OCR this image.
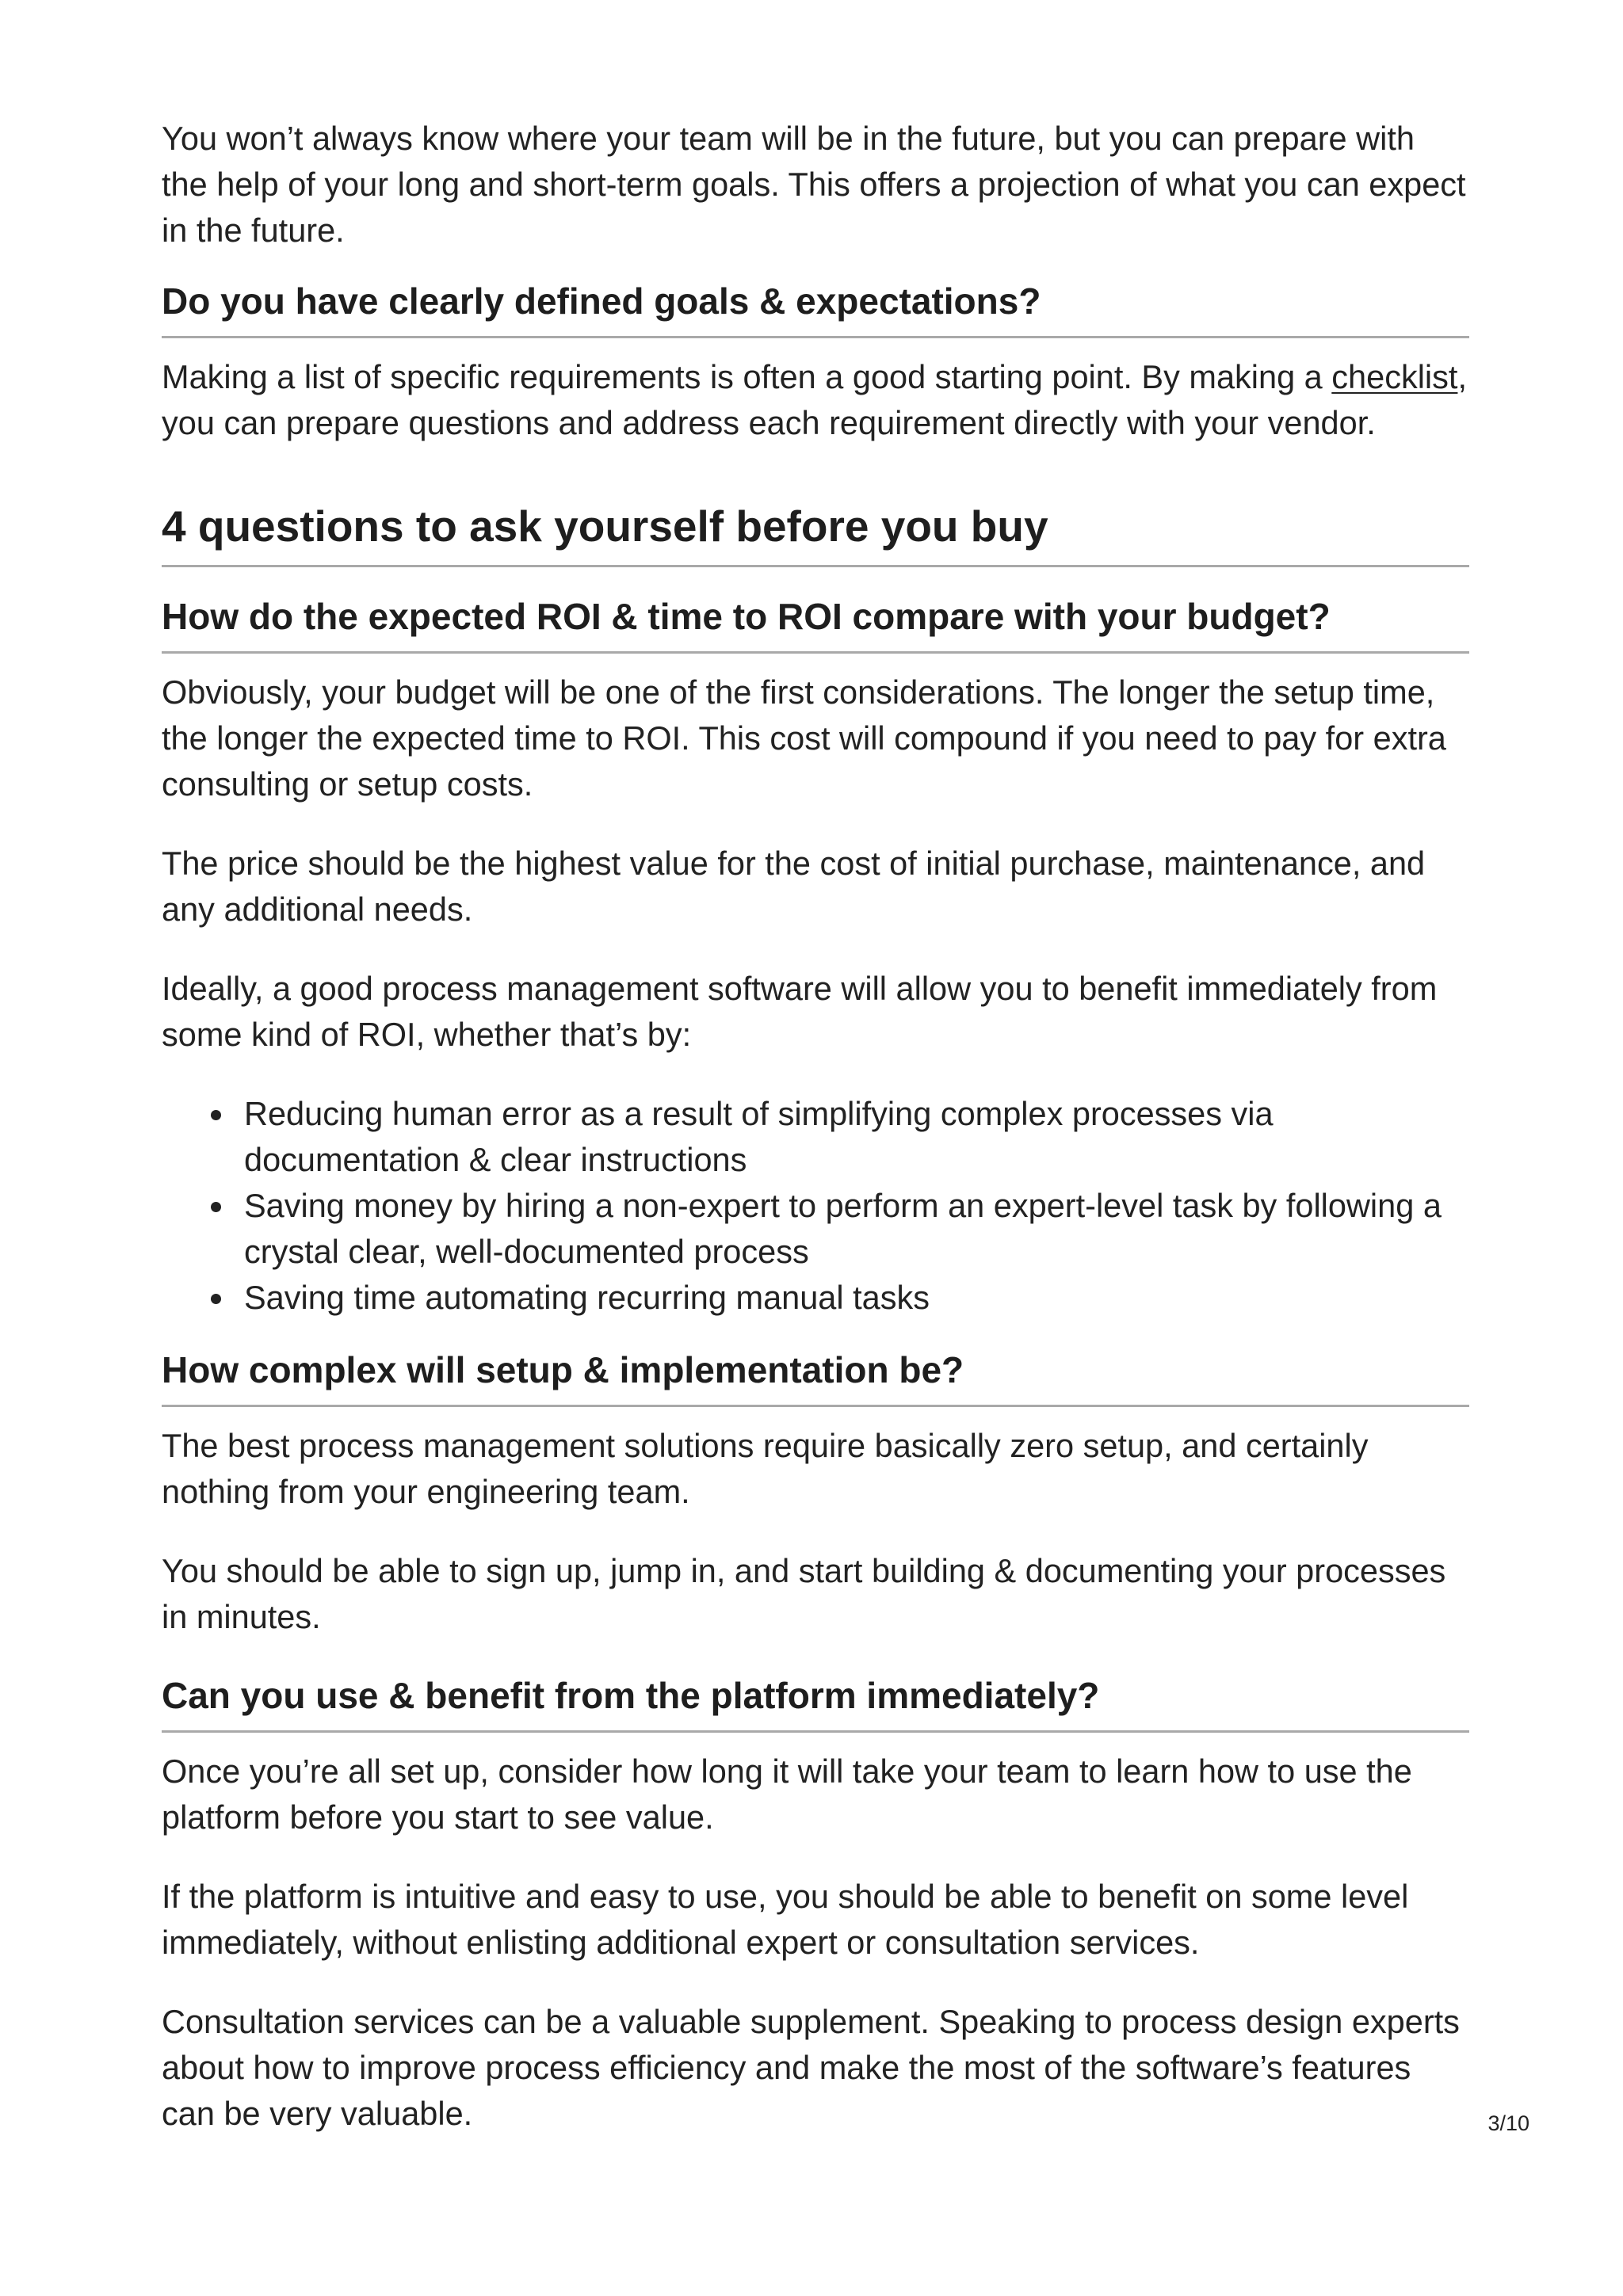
You won’t always know where your team will be in the future, but you can prepare with the help of your long and short-term goals. This offers a projection of what you can expect in the future.

Do you have clearly defined goals & expectations?

Making a list of specific requirements is often a good starting point. By making a checklist, you can prepare questions and address each requirement directly with your vendor.

4 questions to ask yourself before you buy
How do the expected ROI & time to ROI compare with your budget?

Obviously, your budget will be one of the first considerations. The longer the setup time, the longer the expected time to ROI. This cost will compound if you need to pay for extra consulting or setup costs.

The price should be the highest value for the cost of initial purchase, maintenance, and any additional needs.

Ideally, a good process management software will allow you to benefit immediately from some kind of ROI, whether that’s by:

Reducing human error as a result of simplifying complex processes via documentation & clear instructions
Saving money by hiring a non-expert to perform an expert-level task by following a crystal clear, well-documented process
Saving time automating recurring manual tasks
How complex will setup & implementation be?

The best process management solutions require basically zero setup, and certainly nothing from your engineering team.

You should be able to sign up, jump in, and start building & documenting your processes in minutes.

Can you use & benefit from the platform immediately?

Once you’re all set up, consider how long it will take your team to learn how to use the platform before you start to see value.

If the platform is intuitive and easy to use, you should be able to benefit on some level immediately, without enlisting additional expert or consultation services.

Consultation services can be a valuable supplement. Speaking to process design experts about how to improve process efficiency and make the most of the software’s features can be very valuable.	3/10
